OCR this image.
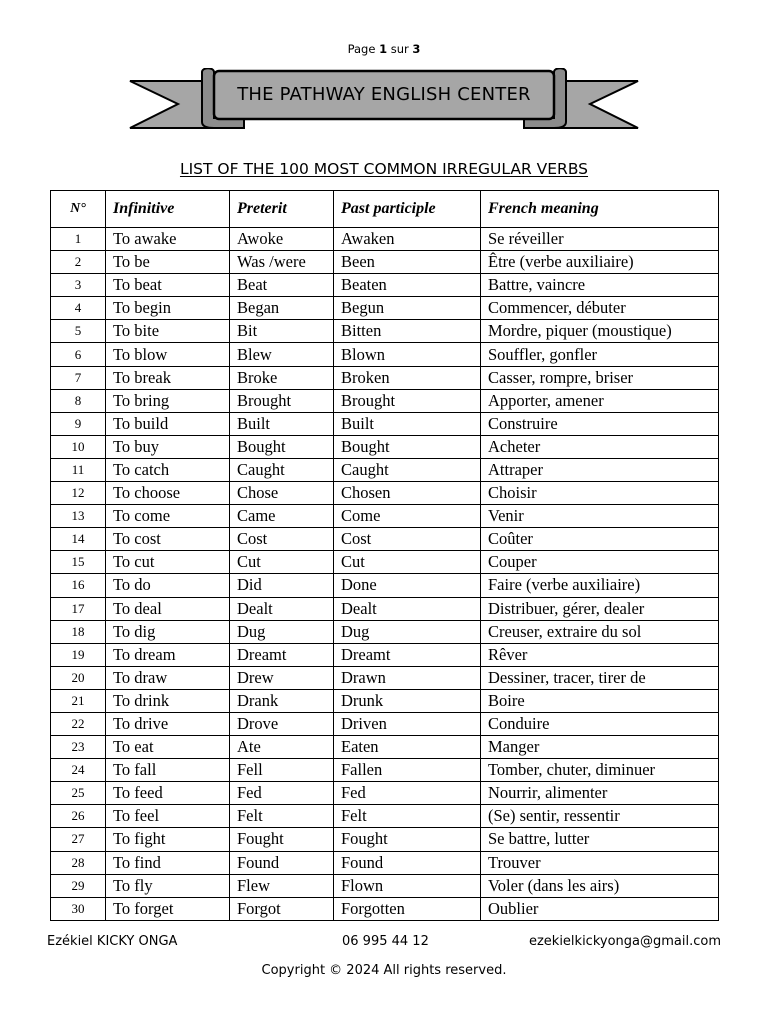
Page 1 sur 3
THE PATHWAY ENGLISH CENTER
LIST OF THE 100 MOST COMMON IRREGULAR VERBS
N°	Infinitive	Preterit	Past participle	French meaning
1	To awake	Awoke	Awaken	Se réveiller
2	To be	Was /were	Been	Être (verbe auxiliaire)
3	To beat	Beat	Beaten	Battre, vaincre
4	To begin	Began	Begun	Commencer, débuter
5	To bite	Bit	Bitten	Mordre, piquer (moustique)
6	To blow	Blew	Blown	Souffler, gonfler
7	To break	Broke	Broken	Casser, rompre, briser
8	To bring	Brought	Brought	Apporter, amener
9	To build	Built	Built	Construire
10	To buy	Bought	Bought	Acheter
11	To catch	Caught	Caught	Attraper
12	To choose	Chose	Chosen	Choisir
13	To come	Came	Come	Venir
14	To cost	Cost	Cost	Coûter
15	To cut	Cut	Cut	Couper
16	To do	Did	Done	Faire (verbe auxiliaire)
17	To deal	Dealt	Dealt	Distribuer, gérer, dealer
18	To dig	Dug	Dug	Creuser, extraire du sol
19	To dream	Dreamt	Dreamt	Rêver
20	To draw	Drew	Drawn	Dessiner, tracer, tirer de
21	To drink	Drank	Drunk	Boire
22	To drive	Drove	Driven	Conduire
23	To eat	Ate	Eaten	Manger
24	To fall	Fell	Fallen	Tomber, chuter, diminuer
25	To feed	Fed	Fed	Nourrir, alimenter
26	To feel	Felt	Felt	(Se) sentir, ressentir
27	To fight	Fought	Fought	Se battre, lutter
28	To find	Found	Found	Trouver
29	To fly	Flew	Flown	Voler (dans les airs)
30	To forget	Forgot	Forgotten	Oublier
Ezékiel KICKY ONGA	06 995 44 12	ezekielkickyonga@gmail.com
Copyright © 2024 All rights reserved.
